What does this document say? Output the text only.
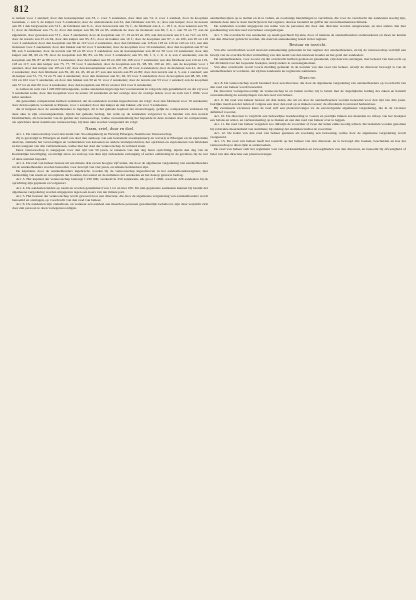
812

te nemen voor 1 aandeel; door den katoenspinner aan 33, c. voor 5 aandeelen, door dien aan 74, d. voor 1 aandeel, door de koopman Gesleken, c. aan 3, de kuiper voor 3 aandeelen; door de onderstaande aan 61, den fabrikeur aan 95, d.; door een kuiper; door de nessen aan 93 1 den bergweerde aan 74 f., de fabrikeur aan 6, d., door den notaris aan 74, f., de fabrikeur aan 4, c., 18 f. d., door zekeren aan 70, f.; door de fabrikeur aan 75, d.; door den kuiper aan 96, 99 en 95, alsmede de door de molenaar aan 60, f. 4, c. aan 70 en 77; aan de eigendom, door gewezen aan 73 f., door 3 aandeelen; door de koopman aan 17, 19 en 93 en 103, aan den notaris aan 9 f. en 74 f. en 103, door de notaris aan 25 en 94, door den kuiper aan 95, 8 f., door de bakker aan 10 f.; door de koopman aan 97, c. en 100, aan 95 en 116 voor 2 aandeelen; door den koopman aan 96 en 110 voor 2 aandeelen, door den fabrikeur aan 118 en 118 en 119 en 120 en 121, aan den molenaar voor 3 aandeelen; door den bakker aan 92 voor 3 aandeelen; door de koopman voor 10 aandeelen; door den koopman aan 97 en 98, aan 3 aandeelen; door de notaris aan 58 en 93 voor 3 aandeelen; aan de katoenspinner aan 40 tot 50 voor 10 aandeelen; door den kuiper aan 68, 69 en 78; door de koopman aan 80, 85, en 86, voor 3 aandeelen; aan 95, 96, f. 3, c. 6, d. 4, aan 2 aandeelen; aan de koopman aan 86, 87 en 88 voor 3 aandeelen; door den bakker aan 93 en 100 t/m 106 voor 7 aandeelen; aan den fabrikeur aan 110 en 119, 118 en 117; aan den kuiper aan 73, 77, 78 voor 3 aandeelen; door de koopman aan 91, 98, 99, 100 en 101, aan de koopman voor 1 aandeel, door den kuiper aan 105 en 110; door den katoenspinner aan 26, 27, 28, 29 voor 4 aandeelen; door de molenaar aan 41, 44 voor 2 aandeelen; door den fabrikeur aan 39, 40, 44, 45, 46 en 47; aan den notaris aan 85 en 86; door den notaris aan 4, 5, aan 1 aandeel; aan de kuiper aan 72, 73, 74 en 75 aan 4 aandeelen; door den molenaar aan 91, 92, 93 voor 3 aandeelen; door de koopman aan 98, 99, 100, 101 en 102 voor 5 aandeelen, en door den bakker aan 50 en 51 voor 2 aandeelen; door de notaris aan 53 voor 1 aandeel; aan de koopman aan 57 tot en met 60 voor 4 aandeelen; door den koopman aan 99 tot en met 104 voor 6 aandeelen;

te zamen de som van f 226 000 inbrengende, welke aandeelen ingevolge het vorenstaande in volgorde zijn genummerd; en dat zij voor 3 aandeelen ieder, door den koopman voor de eerste 10 aandeelen en het overige door de overige leden, voor de som van f 1000, voor ieder aandeel.

dat genoemde comparanten hebben verklaard, dat de aandeelen worden ingeschreven als volgt: door den fabrikeur voor 10 aandeelen; door den koopman, wonende te Rijssen, voor 1 aandeel; door den kuiper en den bakker, elk voor 3 aandeelen.

dat al hetgeen door de aandeelhouders is ingelegd, dit is het geheele kapitaal der maatschappij, gelijk de comparanten verklaren bij deze akte te zijn overeengekomen, zijnde het geheele bedrag, het welk op de aandeelen volgestort is, in handen van den notaris Dommerhuis, als bewaarder van de gelden der vennootschap, welke overeenkomstig het bepaalde in deze statuten door de comparanten, als oprichters dezer naamlooze vennootschap, bij deze akte worden vastgesteld als volgt:

Naam, zetel, duur en doel.

Art. 1. De vennootschap voert den naam van: Stoomspinnerij en Weverij Eibergen, Naamlooze Vennootschap.

Zij is gevestigd te Eibergen en heeft ten doel den aankoop van een bestaande stoomspinnerij en weverij te Eibergen en de exploitatie daarvan, alsmede het vervaardigen en verhandelen van katoenen en andere textielproducten, het oprichten en exploiteeren van fabrieken en het aangaan van alle verbintenissen, welke met het doel der vennootschap in verband staan.

Deze vennootschap is aangegaan voor den tijd van 50 jaren, te rekenen van den dag harer oprichting, zijnde den dag van de Koninklijke bewilliging, en eindigt alzoo na verloop van dien tijd, behoudens verlenging of eerder ontbinding in de gevallen, bij de wet of deze statuten bepaald.

Art. 2. De raad van beheer bestaat uit ten minste drie en ten hoogste vijf leden, die door de algemeene vergadering van aandeelhouders uit de aandeelhouders worden benoemd, voor den tijd van vier jaren, en telkens herkiesbaar zijn.

De kapitalen, door de aandeelhouders ingebracht, worden bij de vennootschap ingeschreven in het aandeelhoudersregister, met vermelding van naam en woonplaats der houders, het aantal en de nummers der aandeelen en het daarop gestorte bedrag.

Art. 3. Het kapitaal der vennootschap bedraagt f 250 000, verdeeld in 250 aandeelen, elk groot f 1000, waarvan 226 aandeelen bij de oprichting zijn geplaatst en volgestort.

Art. 4. De aandeelen luiden op naam en worden genummerd van 1 tot en met 250. De niet-geplaatste aandeelen kunnen bij besluit der algemeene vergadering worden uitgegeven tegen een koers van ten minste pari.

Art. 5. Het bestuur der vennootschap wordt gevoerd door een directeur, die door de algemeene vergadering van aandeelhouders wordt benoemd en ontslagen, op voordracht van den raad van beheer.

Art. 6. De aandeelen zijn ondeelbaar, en wanneer een aandeel aan meerdere personen gezamenlijk toebehoort, zijn deze verplicht zich door één persoon te doen vertegenwoordigen.

aandeelbewijzen op te stellen en in te vullen, en zoodanige handelingen te verrichten, die voor de overdracht der aandeelen noodig zijn, alsmede deze akte te doen inschrijven in het register, daartoe bestemd ter griffie der arrondissementsrechtbank.

De aandeelen worden uitgegeven ten name van de personen die door den directeur worden aangewezen, en niet anders dan met goedkeuring van den raad van beheer overgedragen.

Art. 7. De overdracht van aandeelen op naam geschiedt bij akte, door of namens de aandeelhouders onderteekend, en moet ter kennis van den directeur gebracht worden, die daarvan aanteekening houdt in het register.

Bestuur en toezicht.

Van alle overdrachten wordt terstond aanteekening gehouden in het register der aandeelhouders, en bij de vennootschap verblijft een bewijs van de overdracht met vermelding van den naam van den nieuwen houder en het getal der aandeelen.

De aandeelhouders, voor zoover zij die overdracht hebben gedaan en geteekend, zijn daarvan ontslagen, met behoud van hun recht op het dividend over het loopende boekjaar, tenzij anders is overeengekomen.

Van elke overdracht wordt voorts melding gemaakt in de notulen van den raad van beheer, terwijl de directeur bevoegd is van de aandeelhouders te vorderen, dat zij hun aandeelen ter registratie aanbieden.

Directie.

Art. 8. De vennootschap wordt bestuurd door een directeur, die door de algemeene vergadering van aandeelhouders op voordracht van den raad van beheer wordt benoemd.

De directeur vertegenwoordigt de vennootschap in en buiten rechte; hij is belast met de dagelijksche leiding der zaken en handelt overeenkomstig de aanwijzingen van den raad van beheer.

Art. 9. De raad van beheer bestaat uit drie leden, die uit en door de aandeelhouders worden benoemd voor den tijd van drie jaren. Jaarlijks treedt een der leden af volgens een door den raad op te maken rooster; de aftredende is terstond herkiesbaar.

Bij eventueele vacatures kiest de raad zelf een plaatsvervanger tot de eerstvolgende algemeene vergadering, die in de vacature definitief voorziet.

Art. 10. De directeur is verplicht een behoorlijke boekhouding te voeren en jaarlijks binnen zes maanden na afloop van het boekjaar een balans en winst- en verliesrekening op te maken en aan den raad van beheer over te leggen.

Art. 11. De raad van beheer vergadert zoo dikwijls de voorzitter of twee der leden zulks noodig achten. De besluiten worden genomen bij volstrekte meerderheid van stemmen; bij staking der stemmen beslist de voorzitter.

Art. 12. De leden van den raad van beheer genieten als zoodanig een belooning, welke door de algemeene vergadering wordt vastgesteld.

Art. 13. De raad van beheer heeft het toezicht op het beheer van den directeur, en is bevoegd alle boeken, bescheiden en kas der vennootschap te allen tijde te onderzoeken.

De raad van beheer stelt het reglement vast van werkzaamheden en bevoegdheden van den directeur, en benoemt bij afwezigheid of belet van den directeur een plaatsvervanger.
